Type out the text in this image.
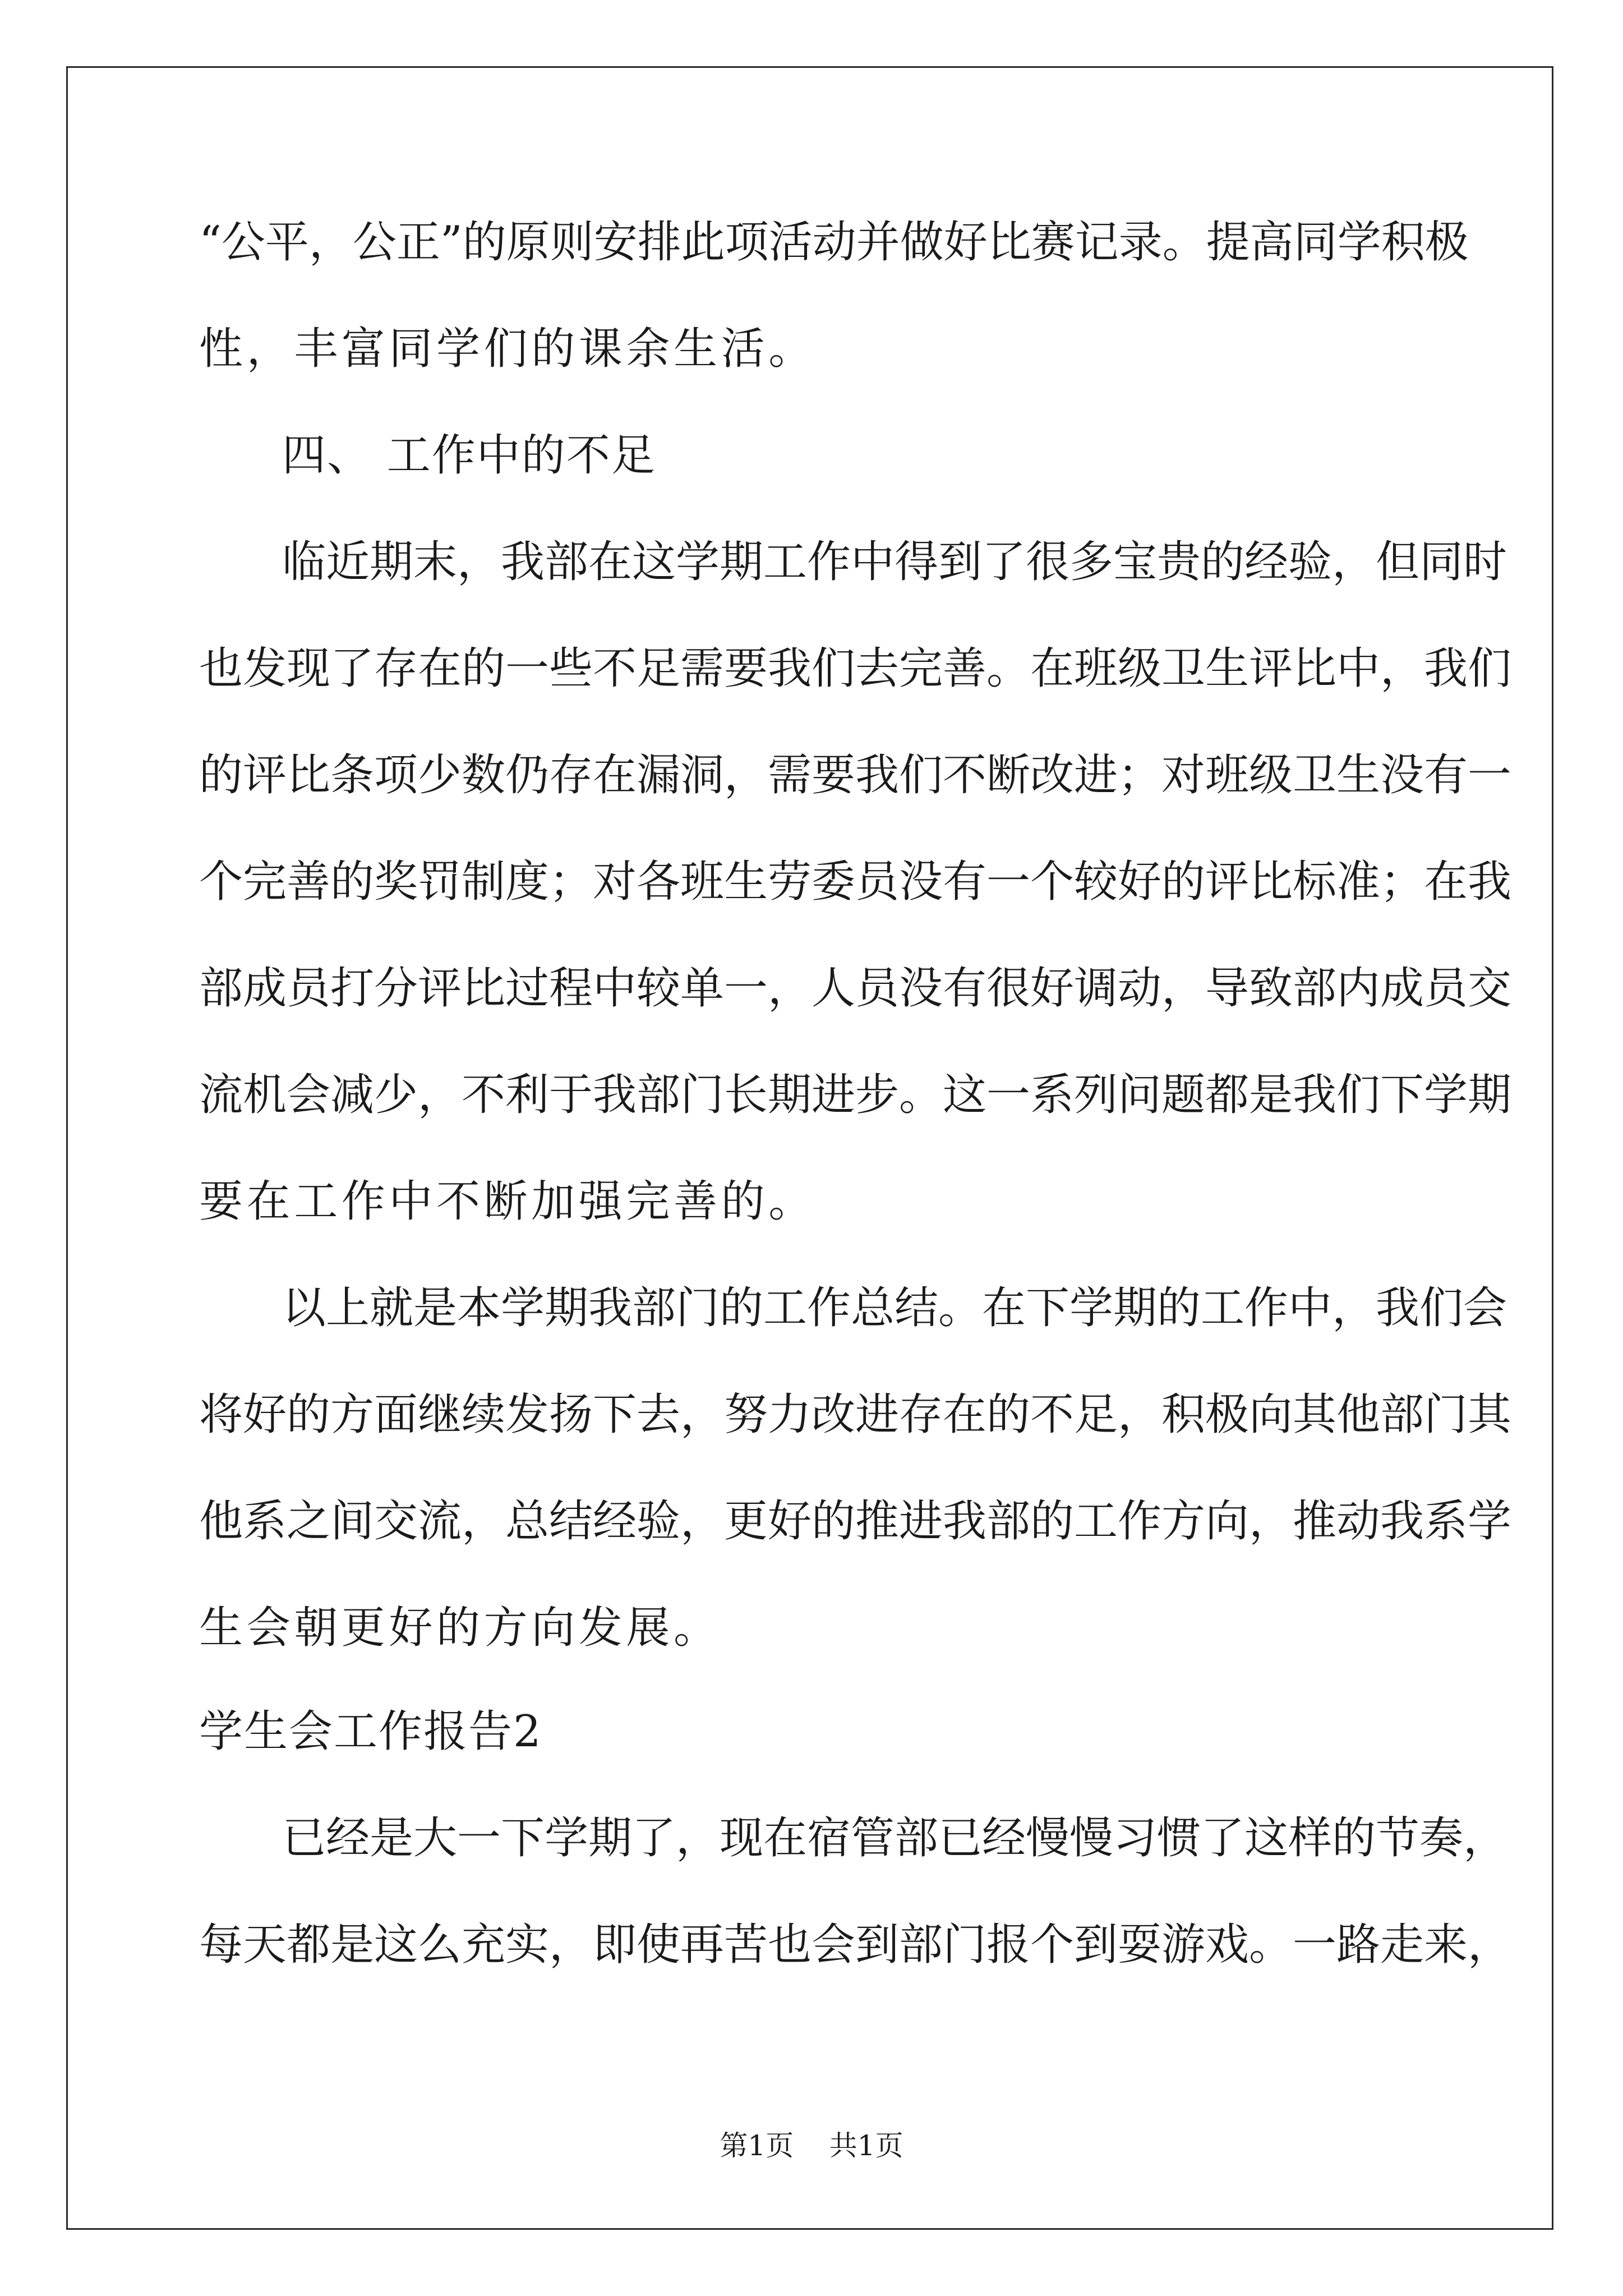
“公平，公正”的原则安排此项活动并做好比赛记录。提高同学积极
性，丰富同学们的课余生活。
四、 工作中的不足
临近期末，我部在这学期工作中得到了很多宝贵的经验，但同时
也发现了存在的一些不足需要我们去完善。在班级卫生评比中，我们
的评比条项少数仍存在漏洞，需要我们不断改进；对班级卫生没有一
个完善的奖罚制度；对各班生劳委员没有一个较好的评比标准；在我
部成员打分评比过程中较单一，人员没有很好调动，导致部内成员交
流机会减少，不利于我部门长期进步。这一系列问题都是我们下学期
要在工作中不断加强完善的。
以上就是本学期我部门的工作总结。在下学期的工作中，我们会
将好的方面继续发扬下去，努力改进存在的不足，积极向其他部门其
他系之间交流，总结经验，更好的推进我部的工作方向，推动我系学
生会朝更好的方向发展。
学生会工作报告2
已经是大一下学期了，现在宿管部已经慢慢习惯了这样的节奏，
每天都是这么充实，即使再苦也会到部门报个到耍游戏。一路走来，
第1页 共1页
